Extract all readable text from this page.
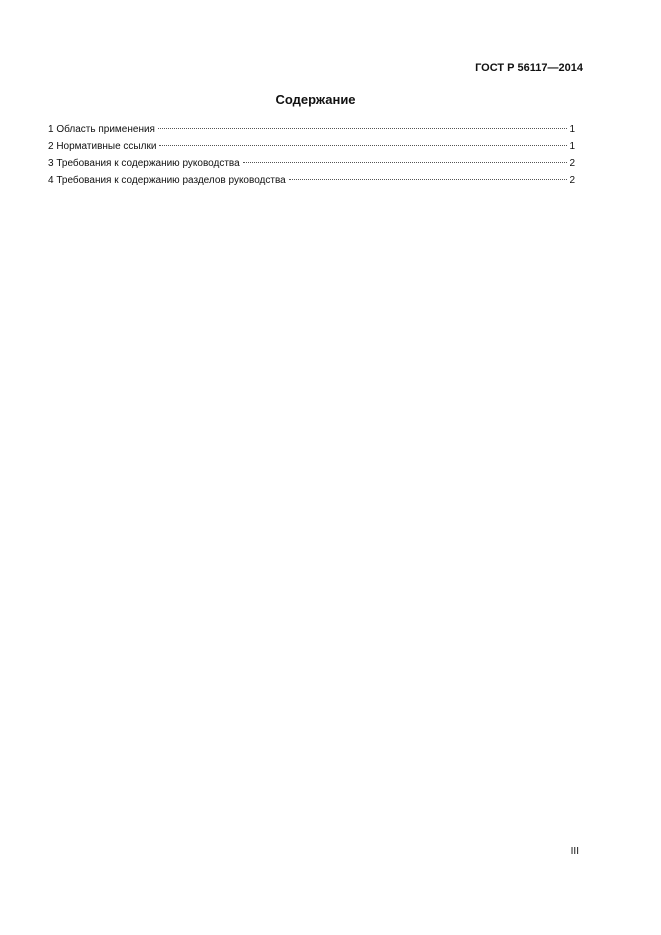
ГОСТ Р 56117—2014
Содержание
1 Область применения	1
2 Нормативные ссылки	1
3 Требования к содержанию руководства	2
4 Требования к содержанию разделов руководства	2
III
